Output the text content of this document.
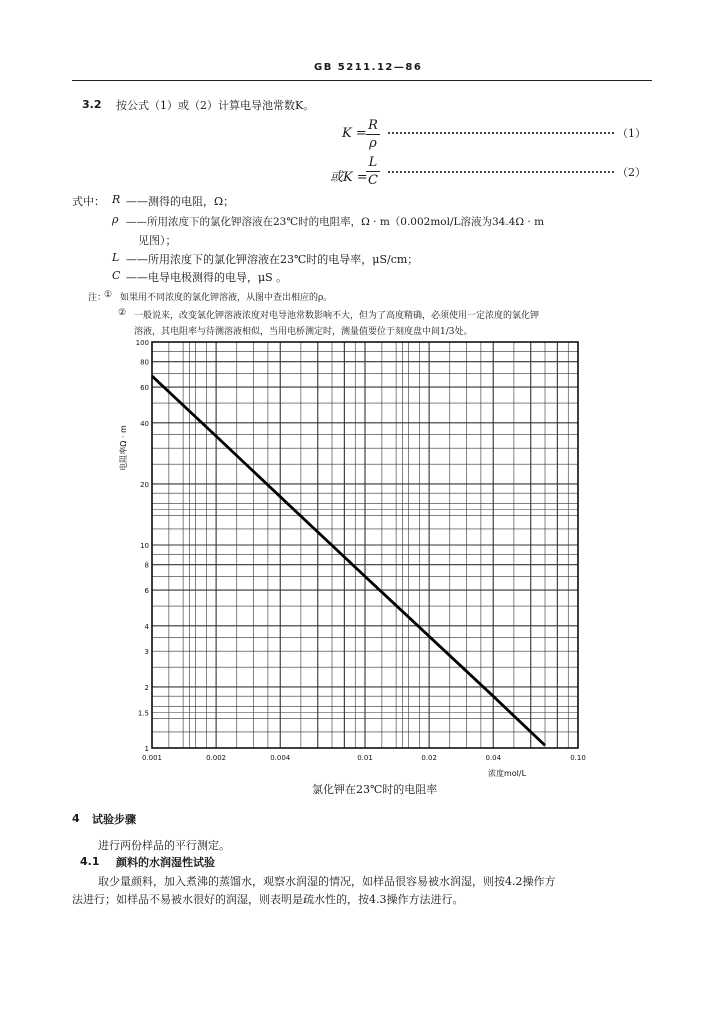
GB 5211.12—86
3.2 按公式（1）或（2）计算电导池常数K。
K =
R
ρ
（1）
或K =
L
C
（2）
式中： R ——测得的电阻，Ω；
ρ ——所用浓度下的氯化钾溶液在23℃时的电阻率，Ω · m（0.002mol/L溶液为34.4Ω · m
见图）；
L ——所用浓度下的氯化钾溶液在23℃时的电导率，μS/cm；
C ——电导电极测得的电导，μS 。
注：
① 如果用不同浓度的氯化钾溶液，从图中查出相应的ρ。
② 一般说来，改变氯化钾溶液浓度对电导池常数影响不大，但为了高度精确，必须使用一定浓度的氯化钾
溶液，其电阻率与待测溶液相似，当用电桥测定时，测量值要位于刻度盘中间1/3处。
1
1.5
2
3
4
6
8
10
20
40
60
80
100
0.001	0.002	0.004	0.01	0.02	0.04	0.10
电阻率Ω · m
浓度mol/L
氯化钾在23℃时的电阻率
4 试验步骤
进行两份样品的平行测定。
4.1 颜料的水润湿性试验
取少量颜料，加入煮沸的蒸馏水，观察水润湿的情况，如样品很容易被水润湿，则按4.2操作方
法进行；如样品不易被水很好的润湿，则表明是疏水性的，按4.3操作方法进行。
